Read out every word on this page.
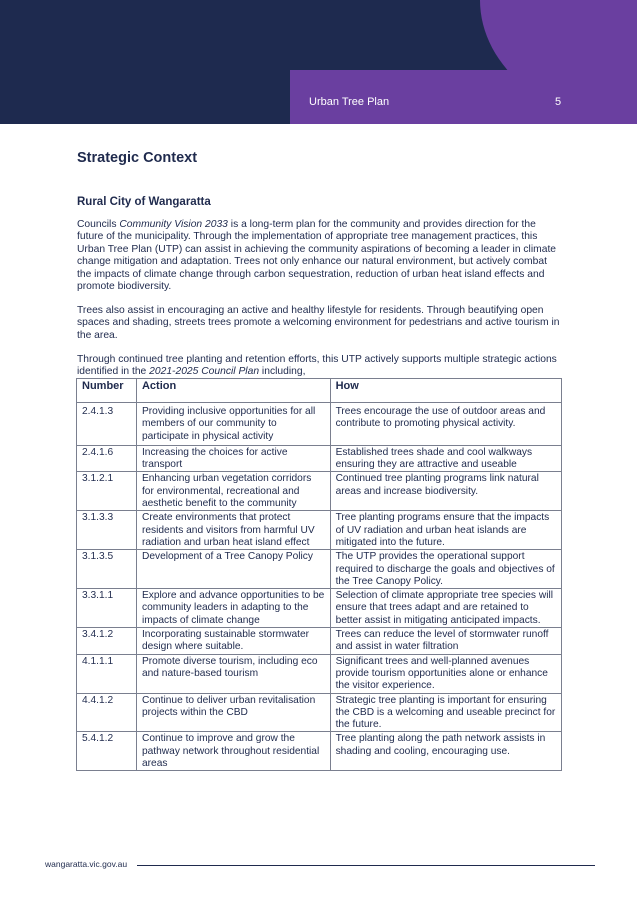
Urban Tree Plan	5
Strategic Context
Rural City of Wangaratta

Councils Community Vision 2033 is a long-term plan for the community and provides direction for the future of the municipality. Through the implementation of appropriate tree management practices, this Urban Tree Plan (UTP) can assist in achieving the community aspirations of becoming a leader in climate change mitigation and adaptation. Trees not only enhance our natural environment, but actively combat the impacts of climate change through carbon sequestration, reduction of urban heat island effects and promote biodiversity.

Trees also assist in encouraging an active and healthy lifestyle for residents. Through beautifying open spaces and shading, streets trees promote a welcoming environment for pedestrians and active tourism in the area.

Through continued tree planting and retention efforts, this UTP actively supports multiple strategic actions identified in the 2021-2025 Council Plan including,

Number	Action	How
2.4.1.3	Providing inclusive opportunities for all members of our community to participate in physical activity	Trees encourage the use of outdoor areas and contribute to promoting physical activity.
2.4.1.6	Increasing the choices for active transport	Established trees shade and cool walkways ensuring they are attractive and useable
3.1.2.1	Enhancing urban vegetation corridors for environmental, recreational and aesthetic benefit to the community	Continued tree planting programs link natural areas and increase biodiversity.
3.1.3.3	Create environments that protect residents and visitors from harmful UV radiation and urban heat island effect	Tree planting programs ensure that the impacts of UV radiation and urban heat islands are mitigated into the future.
3.1.3.5	Development of a Tree Canopy Policy	The UTP provides the operational support required to discharge the goals and objectives of the Tree Canopy Policy.
3.3.1.1	Explore and advance opportunities to be community leaders in adapting to the impacts of climate change	Selection of climate appropriate tree species will ensure that trees adapt and are retained to better assist in mitigating anticipated impacts.
3.4.1.2	Incorporating sustainable stormwater design where suitable.	Trees can reduce the level of stormwater runoff and assist in water filtration
4.1.1.1	Promote diverse tourism, including eco and nature-based tourism	Significant trees and well-planned avenues provide tourism opportunities alone or enhance the visitor experience.
4.4.1.2	Continue to deliver urban revitalisation projects within the CBD	Strategic tree planting is important for ensuring the CBD is a welcoming and useable precinct for the future.
5.4.1.2	Continue to improve and grow the pathway network throughout residential areas	Tree planting along the path network assists in shading and cooling, encouraging use.
wangaratta.vic.gov.au
